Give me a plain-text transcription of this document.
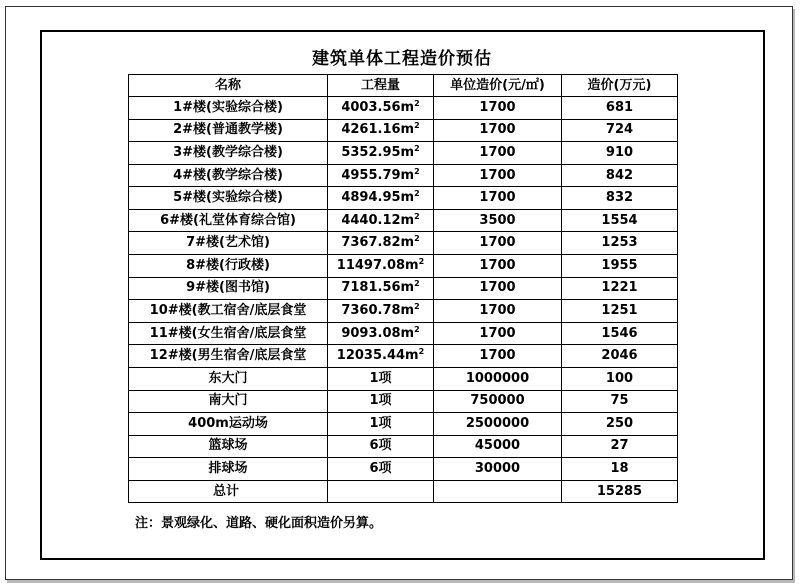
建筑单体工程造价预估
名称	工程量	单位造价(元/㎡)	造价(万元)
1#楼(实验综合楼)	$4003.56m^2$	1700	681
2#楼(普通教学楼)	$4261.16m^2$	1700	724
3#楼(教学综合楼)	$5352.95m^2$	1700	910
4#楼(教学综合楼)	$4955.79m^2$	1700	842
5#楼(实验综合楼)	$4894.95m^2$	1700	832
6#楼(礼堂体育综合馆)	$4440.12m^2$	3500	1554
7#楼(艺术馆)	$7367.82m^2$	1700	1253
8#楼(行政楼)	$11497.08m^2$	1700	1955
9#楼(图书馆)	$7181.56m^2$	1700	1221
10#楼(教工宿舍/底层食堂	$7360.78m^2$	1700	1251
11#楼(女生宿舍/底层食堂	$9093.08m^2$	1700	1546
12#楼(男生宿舍/底层食堂	$12035.44m^2$	1700	2046
东大门	1项	1000000	100
南大门	1项	750000	75
400m运动场	1项	2500000	250
篮球场	6项	45000	27
排球场	6项	30000	18
总计			15285
注：景观绿化、道路、硬化面积造价另算。
